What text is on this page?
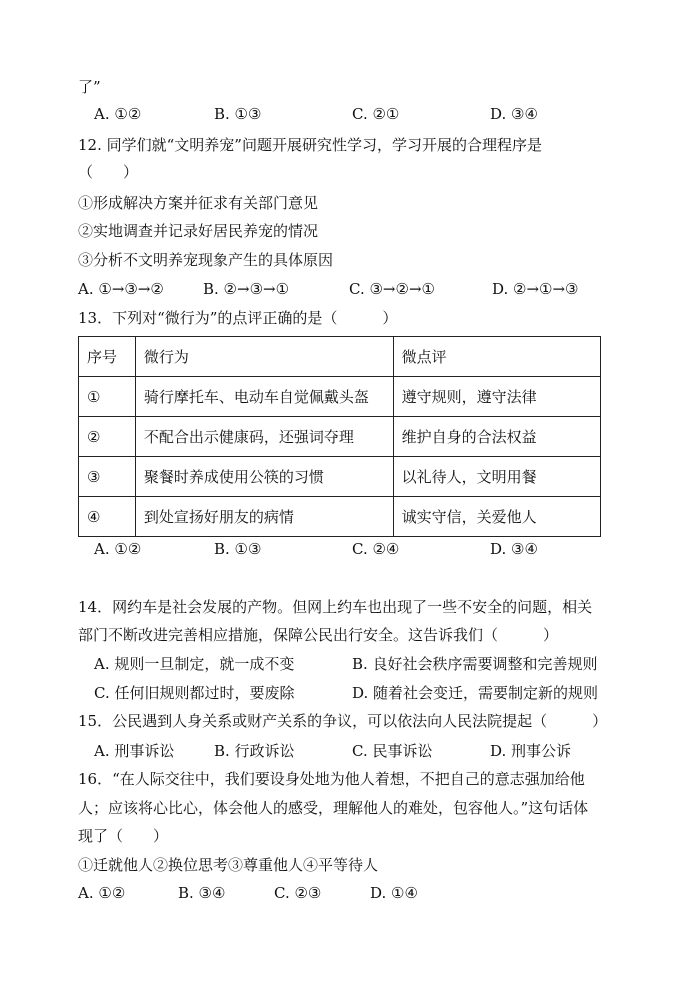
了”
A. ①②	B. ①③	C. ②①	D. ③④
12. 同学们就“文明养宠”问题开展研究性学习，学习开展的合理程序是
（　　）
①形成解决方案并征求有关部门意见
②实地调查并记录好居民养宠的情况
③分析不文明养宠现象产生的具体原因
A. ①→③→②	B. ②→③→①	C. ③→②→①	D. ②→①→③
13．下列对“微行为”的点评正确的是（　　　）
序号	微行为	微点评
①	骑行摩托车、电动车自觉佩戴头盔	遵守规则，遵守法律
②	不配合出示健康码，还强词夺理	维护自身的合法权益
③	聚餐时养成使用公筷的习惯	以礼待人，文明用餐
④	到处宣扬好朋友的病情	诚实守信，关爱他人
A. ①②	B. ①③	C. ②④	D. ③④
14．网约车是社会发展的产物。但网上约车也出现了一些不安全的问题，相关
部门不断改进完善相应措施，保障公民出行安全。这告诉我们（　　　）
A. 规则一旦制定，就一成不变	B. 良好社会秩序需要调整和完善规则
C. 任何旧规则都过时，要废除	D. 随着社会变迁，需要制定新的规则
15．公民遇到人身关系或财产关系的争议，可以依法向人民法院提起（　　　）
A. 刑事诉讼	B. 行政诉讼	C. 民事诉讼	D. 刑事公诉
16．“在人际交往中，我们要设身处地为他人着想，不把自己的意志强加给他
人；应该将心比心，体会他人的感受，理解他人的难处，包容他人。”这句话体
现了（　　）
①迁就他人②换位思考③尊重他人④平等待人
A. ①②	B. ③④	C. ②③	D. ①④
